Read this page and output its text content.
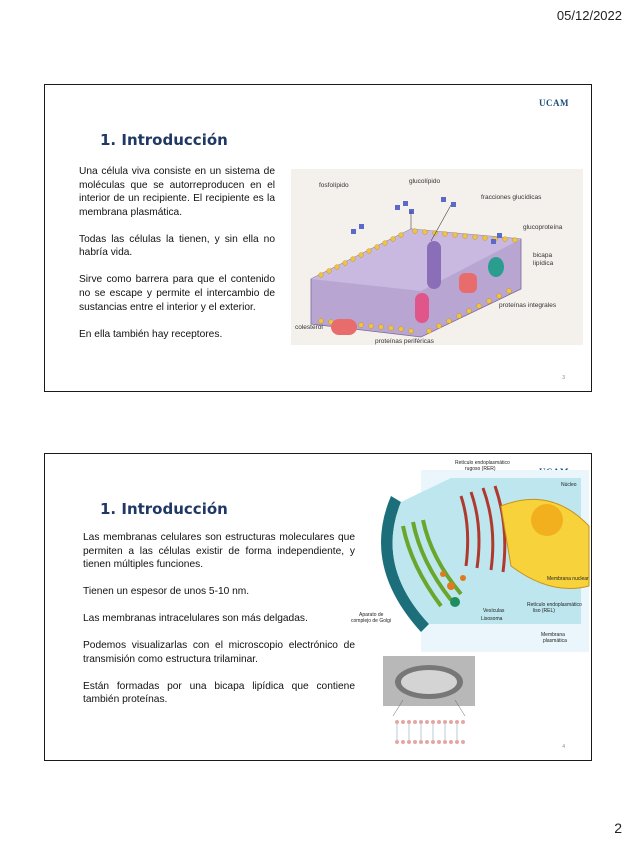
05/12/2022
UCAM
1. Introducción

Una célula viva consiste en un sistema de moléculas que se autorreproducen en el interior de un recipiente. El recipiente es la membrana plasmática.

Todas las células la tienen, y sin ella no habría vida.

Sirve como barrera para que el contenido no se escape y permite el intercambio de sustancias entre el interior y el exterior.

En ella también hay receptores.

fosfolípido
glucolípido
fracciones glucídicas
glucoproteína
bicapa
lipídica
proteínas integrales
colesterol
proteínas periféricas
3
1. Introducción

Las membranas celulares son estructuras moleculares que permiten a las células existir de forma independiente, y tienen múltiples funciones.

Tienen un espesor de unos 5-10 nm.

Las membranas intracelulares son más delgadas.

Podemos visualizarlas con el microscopio electrónico de transmisión como estructura trilaminar.

Están formadas por una bicapa lipídica que contiene también proteínas.

Retículo endoplasmático
rugoso (RER)
Núcleo
Membrana nuclear
Retículo endoplasmático
liso (REL)
Vesículas
Lisosoma
Aparato de
complejo de Golgi
Membrana
plasmática
4
2
